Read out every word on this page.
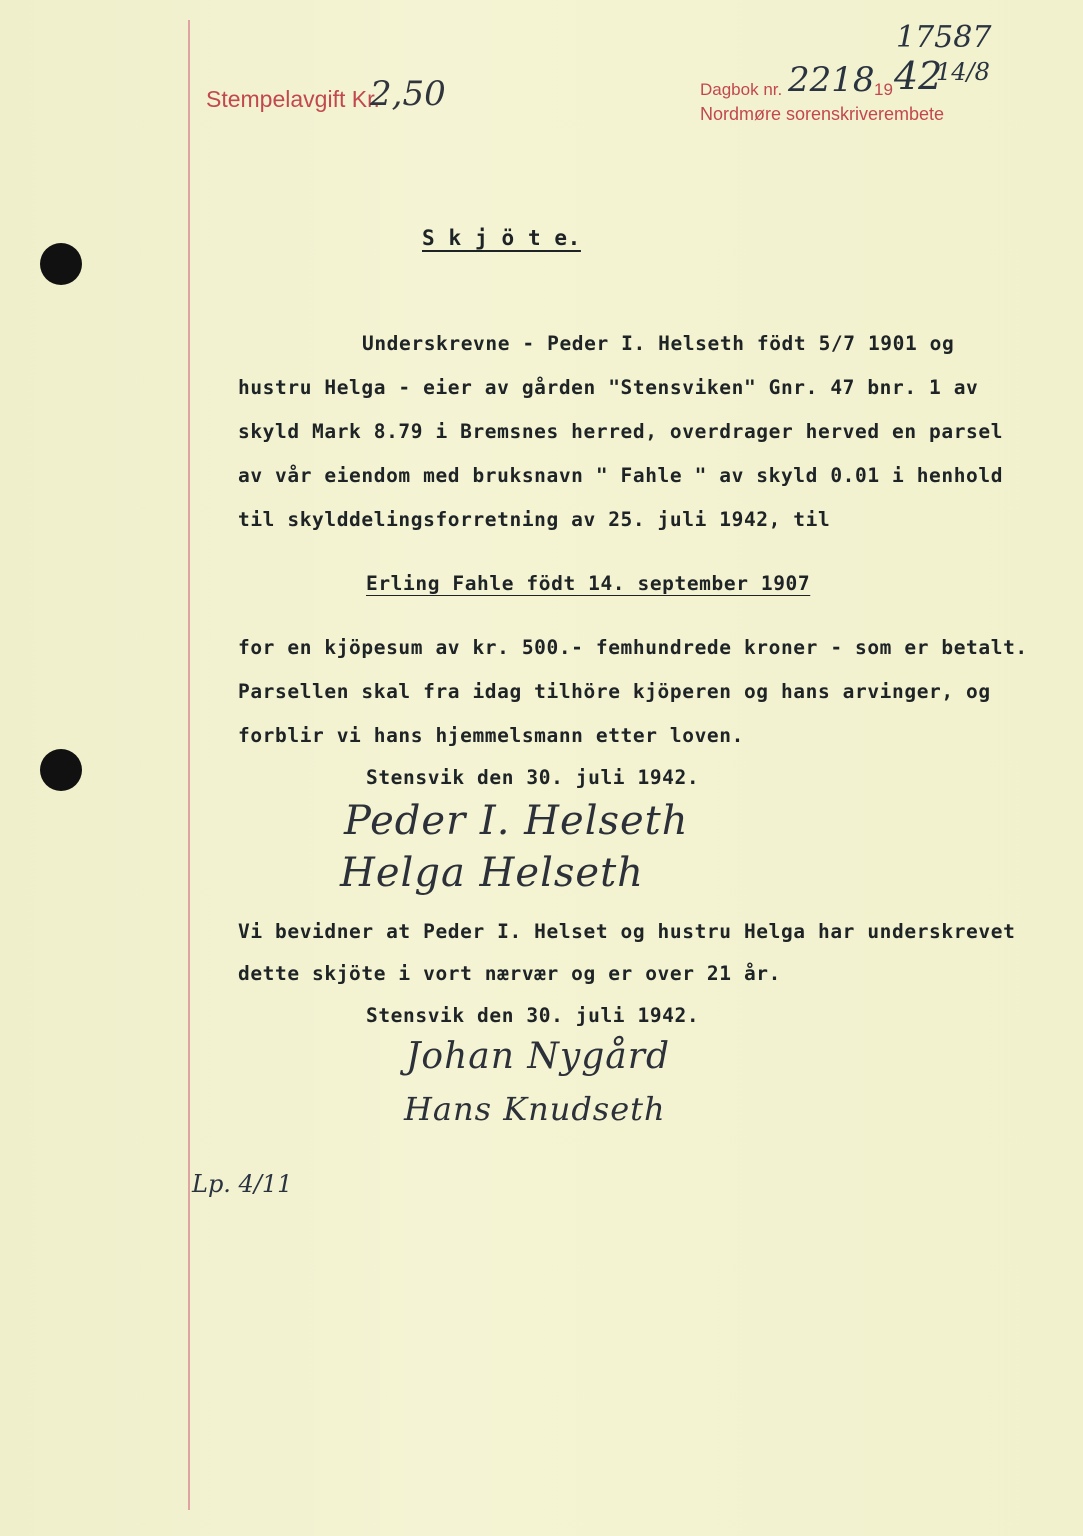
17587
Stempelavgift Kr.
2,50	Dagbok nr. 2218 19 42
14/8
Nordmøre sorenskriverembete
S k j ö t e.
Underskrevne - Peder I. Helseth födt 5/7 1901 og
hustru Helga - eier av gården "Stensviken" Gnr. 47 bnr. 1 av
skyld Mark 8.79 i Bremsnes herred, overdrager herved en parsel
av vår eiendom med bruksnavn " Fahle " av skyld 0.01 i henhold
til skylddelingsforretning av 25. juli 1942, til
Erling Fahle födt 14. september 1907
for en kjöpesum av kr. 500.- femhundrede kroner - som er betalt.
Parsellen skal fra idag tilhöre kjöperen og hans arvinger, og
forblir vi hans hjemmelsmann etter loven.
Stensvik den 30. juli 1942.
Peder I. Helseth
Helga Helseth
Vi bevidner at Peder I. Helset og hustru Helga har underskrevet
dette skjöte i vort nærvær og er over 21 år.
Stensvik den 30. juli 1942.
Johan Nygård
Hans Knudseth
Lp. 4/11
